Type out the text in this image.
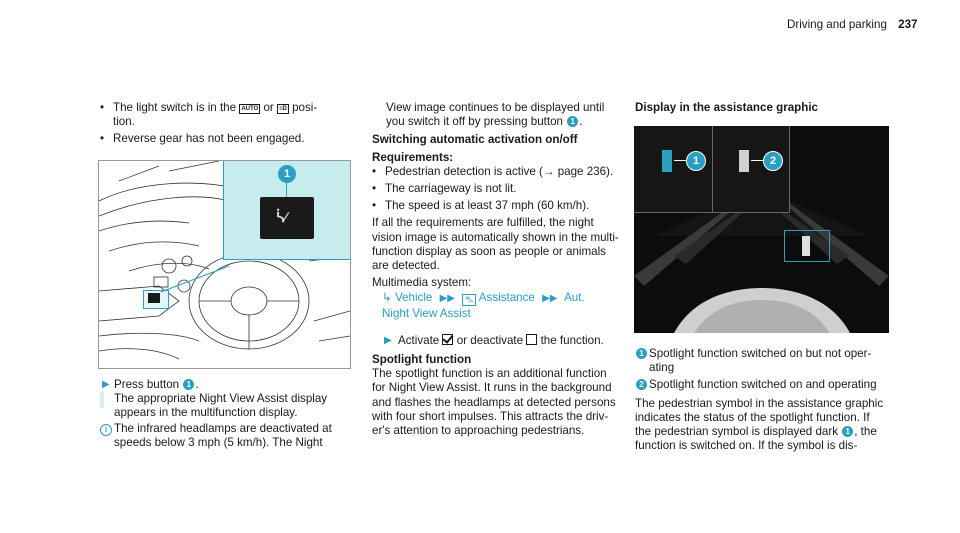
Driving and parking 237
• The light switch is in the AUTO or ≡D posi-
tion.
• Reverse gear has not been engaged.
1
ᓵ⁄
▶ Press button 1 .
The appropriate Night View Assist display
appears in the multifunction display.
i The infrared headlamps are deactivated at
speeds below 3 mph (5 km/h). The Night
View image continues to be displayed until
you switch it off by pressing button 1 .
Switching automatic activation on/off
Requirements:
• Pedestrian detection is active (→ page 236).
• The carriageway is not lit.
• The speed is at least 37 mph (60 km/h).
If all the requirements are fulfilled, the night
vision image is automatically shown in the multi-
function display as soon as people or animals
are detected.
Multimedia system:
↳ Vehicle ▶▶ ⛍ Assistance ▶▶ Aut.
Night View Assist
▶ Activate or deactivate the function.
Spotlight function
The spotlight function is an additional function
for Night View Assist. It runs in the background
and flashes the headlamps at detected persons
with four short impulses. This attracts the driv-
er's attention to approaching pedestrians.
Display in the assistance graphic
1	2
1 Spotlight function switched on but not oper-
ating
2 Spotlight function switched on and operating
The pedestrian symbol in the assistance graphic
indicates the status of the spotlight function. If
the pedestrian symbol is displayed dark 1 , the
function is switched on. If the symbol is dis-
